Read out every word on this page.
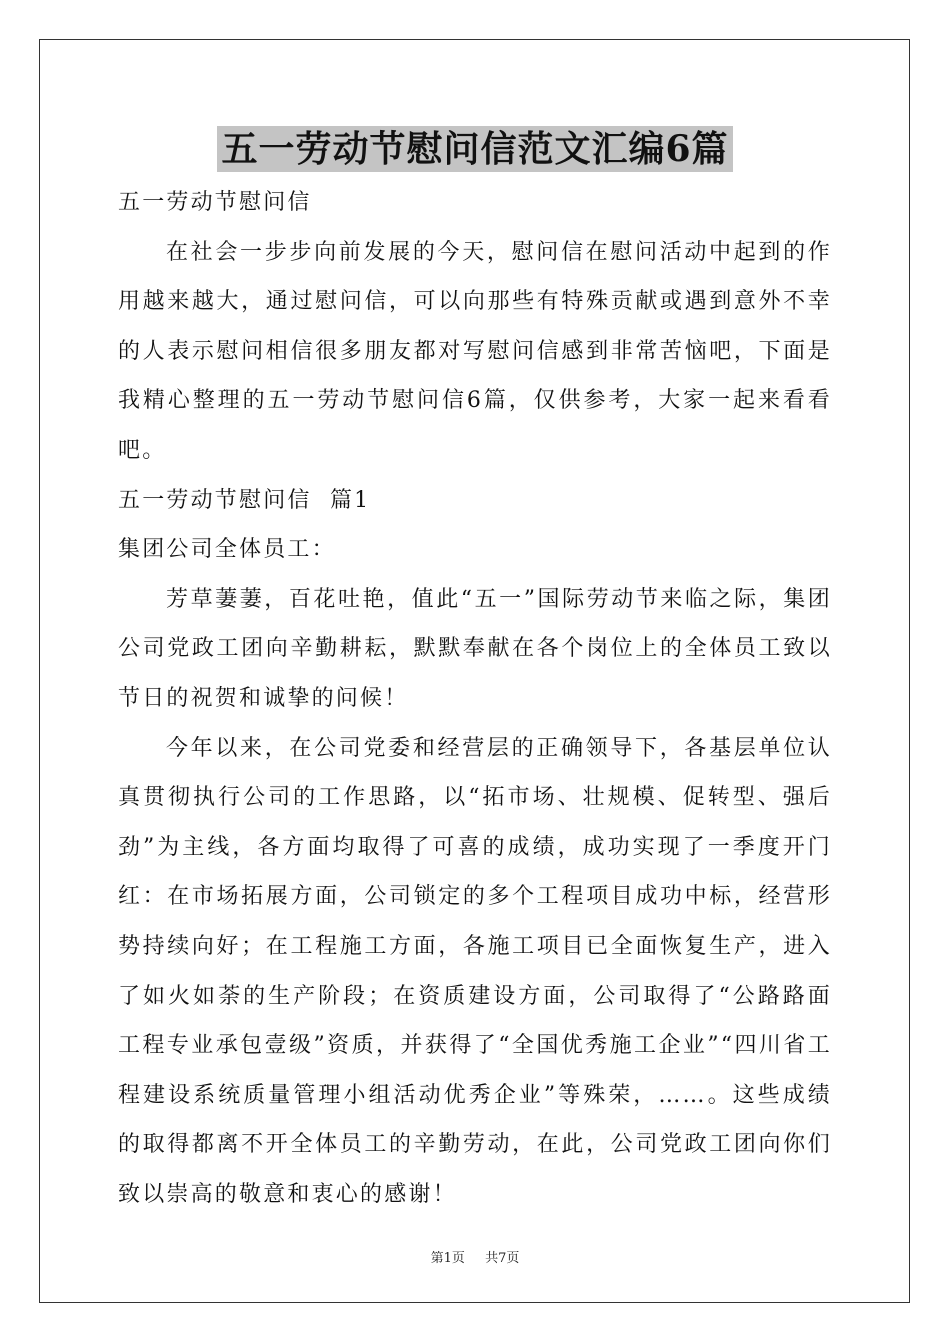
五一劳动节慰问信范文汇编6篇

五一劳动节慰问信

在社会一步步向前发展的今天，慰问信在慰问活动中起到的作用越来越大，通过慰问信，可以向那些有特殊贡献或遇到意外不幸的人表示慰问相信很多朋友都对写慰问信感到非常苦恼吧，下面是我精心整理的五一劳动节慰问信6篇，仅供参考，大家一起来看看吧。

五一劳动节慰问信  篇1

集团公司全体员工：

芳草萋萋，百花吐艳，值此“五一”国际劳动节来临之际，集团公司党政工团向辛勤耕耘，默默奉献在各个岗位上的全体员工致以节日的祝贺和诚挚的问候！

今年以来，在公司党委和经营层的正确领导下，各基层单位认真贯彻执行公司的工作思路，以“拓市场、壮规模、促转型、强后劲”为主线，各方面均取得了可喜的成绩，成功实现了一季度开门红：在市场拓展方面，公司锁定的多个工程项目成功中标，经营形势持续向好；在工程施工方面，各施工项目已全面恢复生产，进入了如火如荼的生产阶段；在资质建设方面，公司取得了“公路路面工程专业承包壹级”资质，并获得了“全国优秀施工企业”“四川省工程建设系统质量管理小组活动优秀企业”等殊荣，……。这些成绩的取得都离不开全体员工的辛勤劳动，在此，公司党政工团向你们致以崇高的敬意和衷心的感谢！

第1页 共7页
